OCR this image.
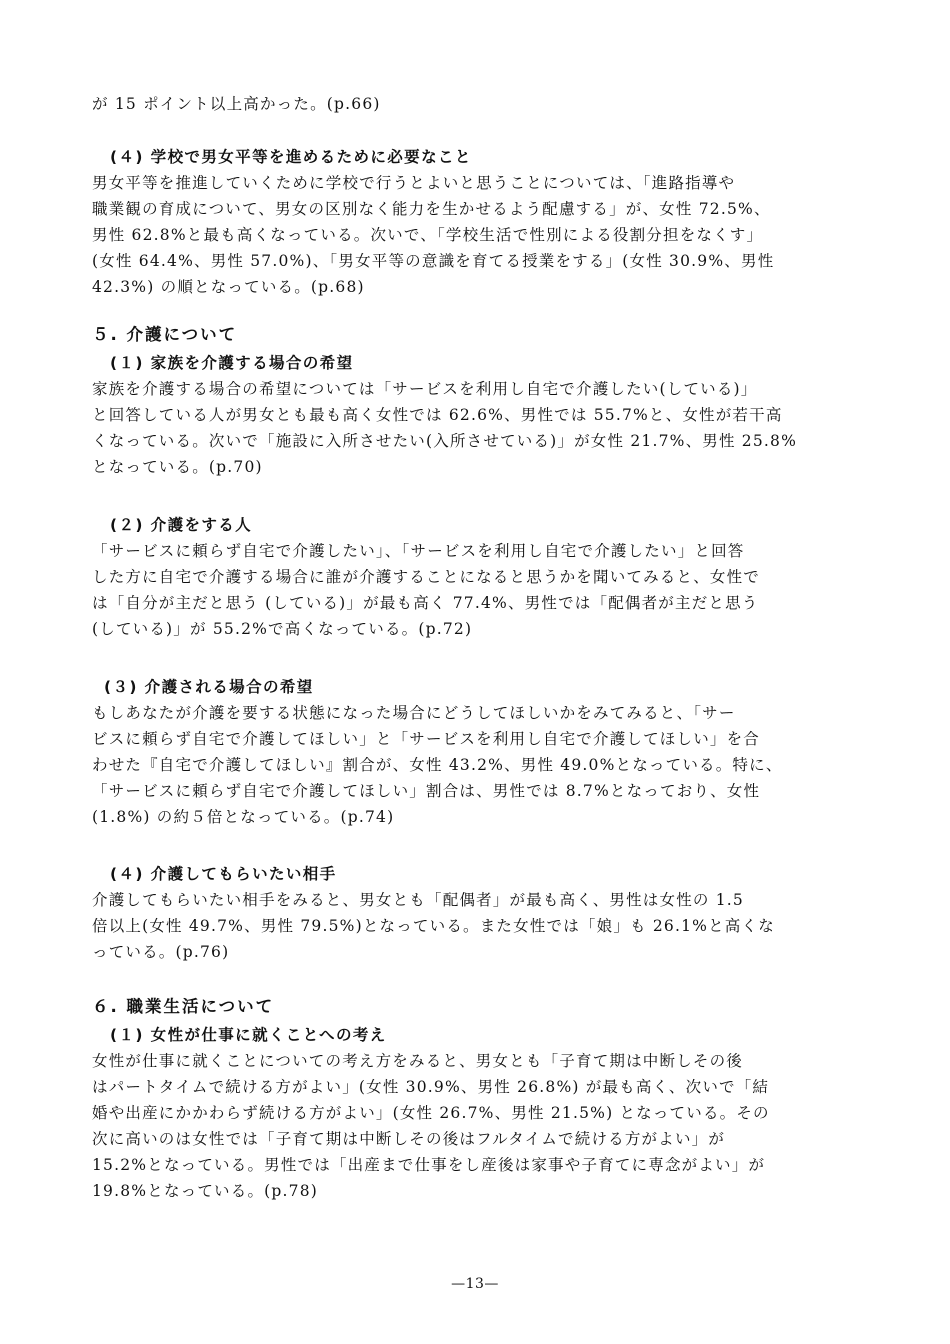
が 15 ポイント以上高かった。(p.66)
(４) 学校で男女平等を進めるために必要なこと
男女平等を推進していくために学校で行うとよいと思うことについては、「進路指導や
職業観の育成について、男女の区別なく能力を生かせるよう配慮する」が、女性 72.5%、
男性 62.8%と最も高くなっている。次いで、「学校生活で性別による役割分担をなくす」
(女性 64.4%、男性 57.0%)、「男女平等の意識を育てる授業をする」(女性 30.9%、男性
42.3%) の順となっている。(p.68)
５. 介護について
(１) 家族を介護する場合の希望
家族を介護する場合の希望については「サービスを利用し自宅で介護したい(している)」
と回答している人が男女とも最も高く女性では 62.6%、男性では 55.7%と、女性が若干高
くなっている。次いで「施設に入所させたい(入所させている)」が女性 21.7%、男性 25.8%
となっている。(p.70)
(２) 介護をする人
「サービスに頼らず自宅で介護したい」、「サービスを利用し自宅で介護したい」と回答
した方に自宅で介護する場合に誰が介護することになると思うかを聞いてみると、女性で
は「自分が主だと思う (している)」が最も高く 77.4%、男性では「配偶者が主だと思う
(している)」が 55.2%で高くなっている。(p.72)
(３) 介護される場合の希望
もしあなたが介護を要する状態になった場合にどうしてほしいかをみてみると、「サー
ビスに頼らず自宅で介護してほしい」と「サービスを利用し自宅で介護してほしい」を合
わせた『自宅で介護してほしい』割合が、女性 43.2%、男性 49.0%となっている。特に、
「サービスに頼らず自宅で介護してほしい」割合は、男性では 8.7%となっており、女性
(1.8%) の約５倍となっている。(p.74)
(４) 介護してもらいたい相手
介護してもらいたい相手をみると、男女とも「配偶者」が最も高く、男性は女性の 1.5
倍以上(女性 49.7%、男性 79.5%)となっている。また女性では「娘」も 26.1%と高くな
っている。(p.76)
６. 職業生活について
(１) 女性が仕事に就くことへの考え
女性が仕事に就くことについての考え方をみると、男女とも「子育て期は中断しその後
はパートタイムで続ける方がよい」(女性 30.9%、男性 26.8%) が最も高く、次いで「結
婚や出産にかかわらず続ける方がよい」(女性 26.7%、男性 21.5%) となっている。その
次に高いのは女性では「子育て期は中断しその後はフルタイムで続ける方がよい」が
15.2%となっている。男性では「出産まで仕事をし産後は家事や子育てに専念がよい」が
19.8%となっている。(p.78)
—13—
